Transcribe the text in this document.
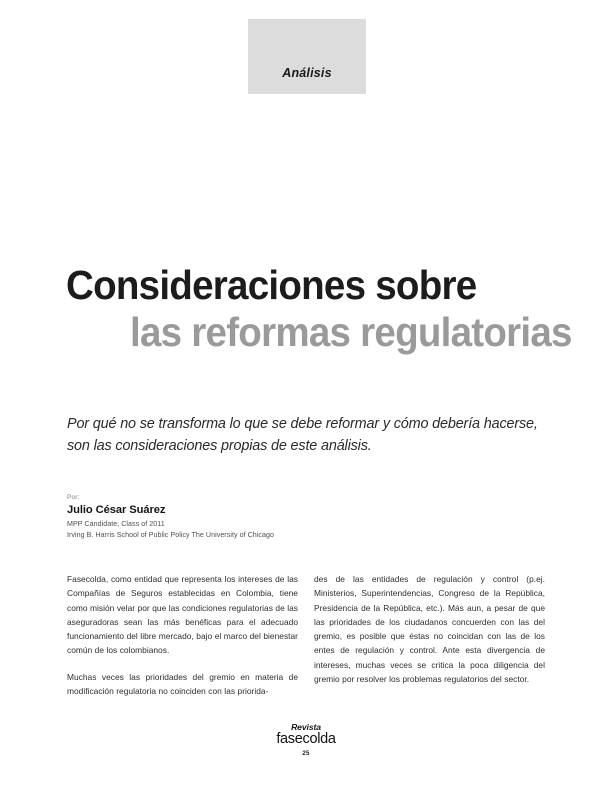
Análisis
Consideraciones sobre
las reformas regulatorias
Por qué no se transforma lo que se debe reformar y cómo debería hacerse, son las consideraciones propias de este análisis.
Por:
Julio César Suárez
MPP Candidate, Class of 2011
Irving B. Harris School of Public Policy The University of Chicago

Fasecolda, como entidad que representa los intereses de las Compañías de Seguros establecidas en Colombia, tiene como misión velar por que las condiciones regulatorias de las aseguradoras sean las más benéficas para el adecuado funcionamiento del libre mercado, bajo el marco del bienestar común de los colombianos.

Muchas veces las prioridades del gremio en materia de modificación regulatoria no coinciden con las priorida-

des de las entidades de regulación y control (p.ej. Ministerios, Superintendencias, Congreso de la República, Presidencia de la República, etc.). Más aun, a pesar de que las prioridades de los ciudadanos concuerden con las del gremio, es posible que éstas no coincidan con las de los entes de regulación y control. Ante esta divergencia de intereses, muchas veces se critica la poca diligencia del gremio por resolver los problemas regulatorios del sector.

Revista
fasecolda
25
